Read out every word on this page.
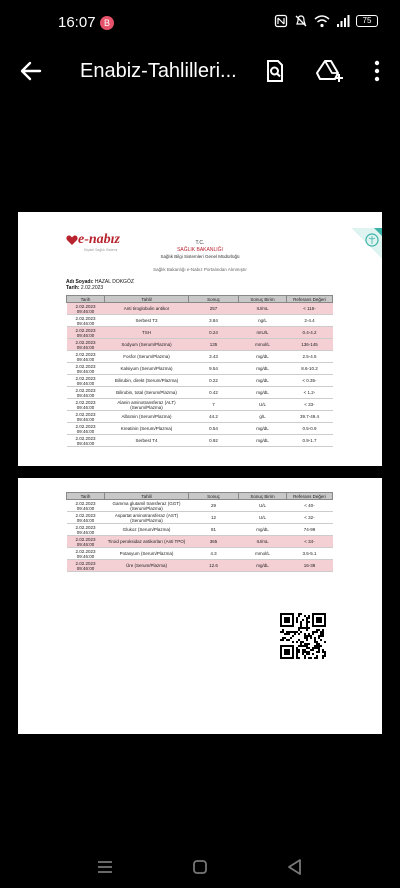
16:07 B	75
Enabiz-Tahlilleri...
e-nabız
Kişisel Sağlık Sistemi
T.C.
SAĞLIK BAKANLIĞI
Sağlık Bilgi Sistemleri Genel Müdürlüğü
Sağlık Bakanlığı e-Nabız Portalından Alınmıştır
Adı Soyadı: HAZAL DOKGÖZ
Tarih: 2.02.2023
Tarih	Tahlil	Sonuç	Sonuç Birim	Referans Değeri

2.02.2023
09:46:00	Anti tiroglobulin antikor	257	IU/mL	< 115-

2.02.2023
09:46:00	Serbest T3	3.84	ng/L	2-4.4

2.02.2023
09:46:00	TSH	0.24	mIU/L	0.4-4.2

2.02.2023
09:46:00	Sodyum (Serum/Plazma)	135	mmol/L	136-145

2.02.2023
09:46:00	Fosfor (Serum/Plazma)	3.43	mg/dL	2.5-4.5

2.02.2023
09:46:00	Kalsiyum (Serum/Plazma)	9.54	mg/dL	8.6-10.2

2.02.2023
09:46:00	Bilirubin, direkt (Serum/Plazma)	0.22	mg/dL	< 0.35-

2.02.2023
09:46:00	Bilirubin, total (Serum/Plazma)	0.42	mg/dL	< 1.2-

2.02.2023
09:46:00	Alanin aminotransferaz (ALT) (Serum/Plazma)	7	U/L	< 33-

2.02.2023
09:46:00	Albümin (Serum/Plazma)	44.2	g/L	39.7-49.4

2.02.2023
09:46:00	Kreatinin (Serum/Plazma)	0.54	mg/dL	0.5-0.9

2.02.2023
09:46:00	Serbest T4	0.92	mg/dL	0.9-1.7
Tarih	Tahlil	Sonuç	Sonuç Birim	Referans Değeri

2.02.2023
09:46:00	Gamma glutamil transferaz (GGT) (Serum/Plazma)	29	U/L	< 40-

2.02.2023
09:46:00	Aspartat aminotransferaz (AST) (Serum/Plazma)	12	U/L	< 32-

2.02.2023
09:46:00	Glukoz (Serum/Plazma)	81	mg/dL	74-99

2.02.2023
09:46:00	Tiroid peroksidaz antikorları (Anti TPO)	365	IU/mL	< 34-

2.02.2023
09:46:00	Potasyum (Serum/Plazma)	4.3	mmol/L	3.5-5.1

2.02.2023
09:46:00	Üre (Serum/Plazma)	12.6	mg/dL	16-38
